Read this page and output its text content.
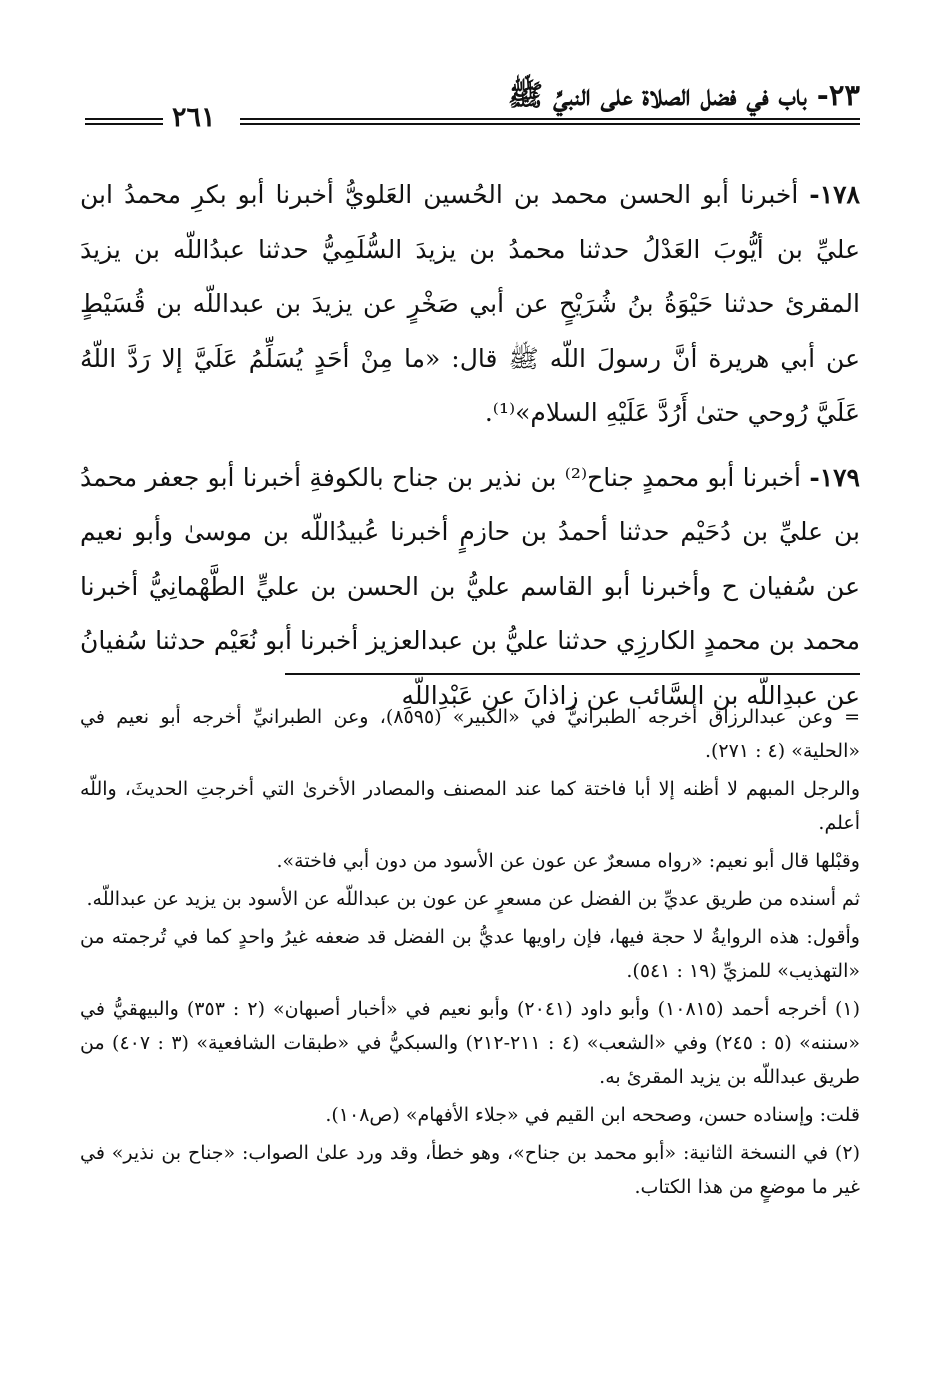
٢٣- باب في فضل الصلاة على النبيِّ ﷺ
٢٦١

١٧٨- أخبرنا أبو الحسن محمد بن الحُسين العَلويُّ أخبرنا أبو بكرِ محمدُ ابن عليِّ بن أيُّوبَ العَدْلُ حدثنا محمدُ بن يزيدَ السُّلَمِيُّ حدثنا عبدُاللّه بن يزيدَ المقرئ حدثنا حَيْوَةُ بنُ شُرَيْحٍ عن أبي صَخْرٍ عن يزيدَ بن عبداللّه بن قُسَيْطٍ عن أبي هريرة أنَّ رسولَ اللّه ﷺ قال: «ما مِنْ أحَدٍ يُسَلِّمُ عَلَيَّ إلا رَدَّ اللّهُ عَلَيَّ رُوحي حتىٰ أَرُدَّ عَلَيْهِ السلام»⁽¹⁾.

١٧٩- أخبرنا أبو محمدٍ جناح⁽²⁾ بن نذير بن جناح بالكوفةِ أخبرنا أبو جعفر محمدُ بن عليِّ بن دُحَيْم حدثنا أحمدُ بن حازمٍ أخبرنا عُبيدُاللّه بن موسىٰ وأبو نعيم عن سُفيان ح وأخبرنا أبو القاسم عليُّ بن الحسن بن عليٍّ الطَّهْمانِيُّ أخبرنا محمد بن محمدٍ الكارزِي حدثنا عليُّ بن عبدالعزيز أخبرنا أبو نُعَيْم حدثنا سُفيانُ عن عبدِاللّه بن السَّائب عن زاذانَ عن عَبْدِاللّهِ

= وعن عبدالرزاق أخرجه الطبرانيُّ في «الكبير» (٨٥٩٥)، وعن الطبرانيِّ أخرجه أبو نعيم في «الحلية» (٤ : ٢٧١).

والرجل المبهم لا أظنه إلا أبا فاختة كما عند المصنف والمصادر الأخرىٰ التي أخرجتِ الحديثَ، واللّه أعلم.

وقبْلها قال أبو نعيم: «رواه مسعرٌ عن عون عن الأسود من دون أبي فاختة».

ثم أسنده من طريق عديِّ بن الفضل عن مسعرٍ عن عون بن عبداللّه عن الأسود بن يزيد عن عبداللّه.

وأقول: هذه الروايةُ لا حجة فيها، فإن راويها عديُّ بن الفضل قد ضعفه غيرُ واحدٍ كما في تُرجمته من «التهذيب» للمزيِّ (١٩ : ٥٤١).

(١) أخرجه أحمد (١٠٨١٥) وأبو داود (٢٠٤١) وأبو نعيم في «أخبار أصبهان» (٢ : ٣٥٣) والبيهقيُّ في «سننه» (٥ : ٢٤٥) وفي «الشعب» (٤ : ٢١١-٢١٢) والسبكيُّ في «طبقات الشافعية» (٣ : ٤٠٧) من طريق عبداللّه بن يزيد المقرئ به.

قلت: وإسناده حسن، وصححه ابن القيم في «جلاء الأفهام» (ص١٠٨).

(٢) في النسخة الثانية: «أبو محمد بن جناح»، وهو خطأ، وقد ورد علىٰ الصواب: «جناح بن نذير» في غير ما موضعٍ من هذا الكتاب.
